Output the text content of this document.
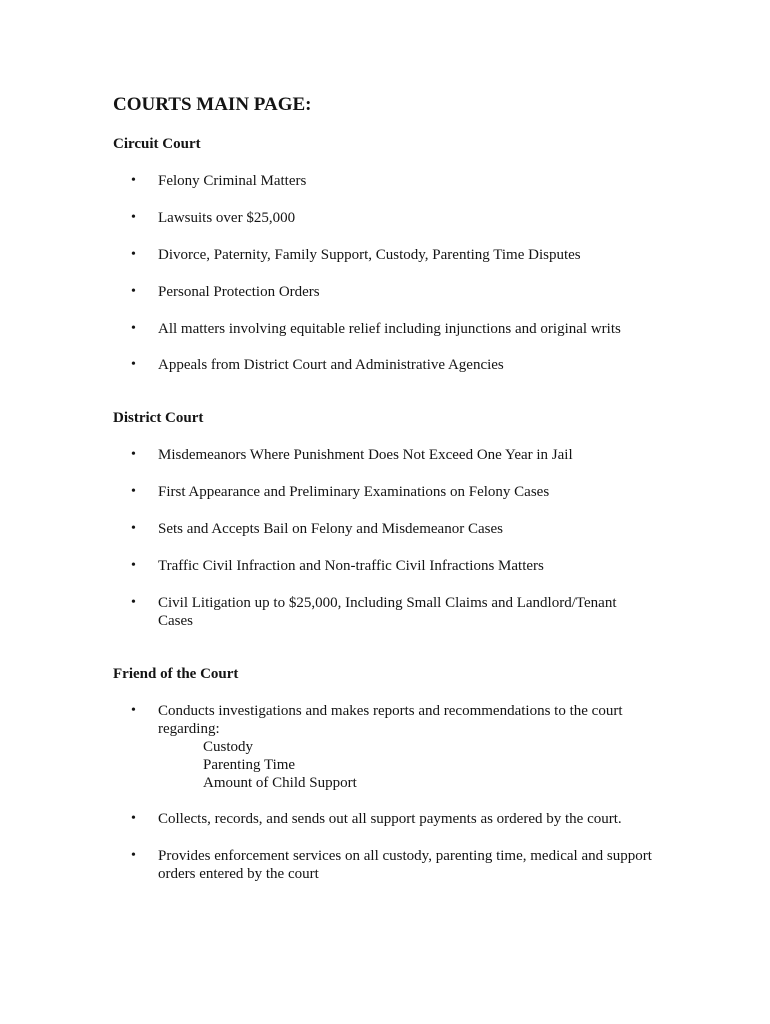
COURTS MAIN PAGE:
Circuit Court
•	Felony Criminal Matters
•	Lawsuits over $25,000
•	Divorce, Paternity, Family Support, Custody, Parenting Time Disputes
•	Personal Protection Orders
•	All matters involving equitable relief including injunctions and original writs
•	Appeals from District Court and Administrative Agencies
District Court
•	Misdemeanors Where Punishment Does Not Exceed One Year in Jail
•	First Appearance and Preliminary Examinations on Felony Cases
•	Sets and Accepts Bail on Felony and Misdemeanor Cases
•	Traffic Civil Infraction and Non-traffic Civil Infractions Matters
•	Civil Litigation up to $25,000, Including Small Claims and Landlord/Tenant Cases
Friend of the Court
•	Conducts investigations and makes reports and recommendations to the court regarding:
Custody
Parenting Time
Amount of Child Support
•	Collects, records, and sends out all support payments as ordered by the court.
•	Provides enforcement services on all custody, parenting time, medical and support orders entered by the court
